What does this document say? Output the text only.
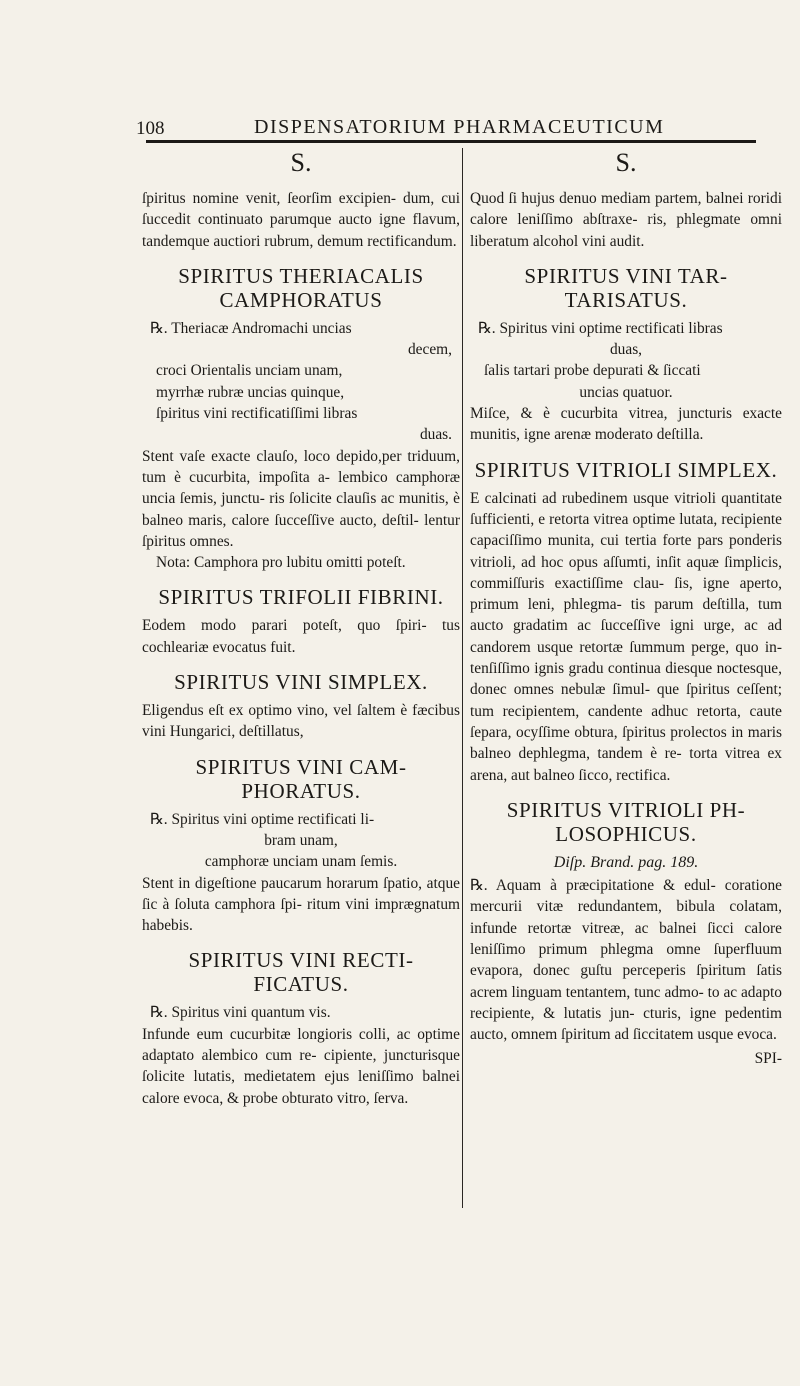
108	DISPENSATORIUM PHARMACEUTICUM
S.

ſpiritus nomine venit, ſeorſim excipien- dum, cui ſuccedit continuato parumque aucto igne flavum, tandemque auctiori rubrum, demum rectificandum.

SPIRITUS THERIACALIS CAMPHORATUS

℞. Theriacæ Andromachi uncias

decem,

croci Orientalis unciam unam,

myrrhæ rubræ uncias quinque,

ſpiritus vini rectificatiſſimi libras

duas.

Stent vaſe exacte clauſo, loco depido,per triduum, tum è cucurbita, impoſita a- lembico camphoræ uncia ſemis, junctu- ris ſolicite clauſis ac munitis, è balneo maris, calore ſucceſſive aucto, deſtil- lentur ſpiritus omnes.

Nota: Camphora pro lubitu omitti poteſt.

SPIRITUS TRIFOLII FIBRINI.

Eodem modo parari poteſt, quo ſpiri- tus cochleariæ evocatus fuit.

SPIRITUS VINI SIMPLEX.

Eligendus eſt ex optimo vino, vel ſaltem è fæcibus vini Hungarici, deſtillatus,

SPIRITUS VINI CAM- PHORATUS.

℞. Spiritus vini optime rectificati li-

bram unam,

camphoræ unciam unam ſemis.

Stent in digeſtione paucarum horarum ſpatio, atque ſic à ſoluta camphora ſpi- ritum vini imprægnatum habebis.

SPIRITUS VINI RECTI- FICATUS.

℞. Spiritus vini quantum vis.

Infunde eum cucurbitæ longioris colli, ac optime adaptato alembico cum re- cipiente, juncturisque ſolicite lutatis, medietatem ejus leniſſimo balnei calore evoca, & probe obturato vitro, ſerva.

S.

Quod ſi hujus denuo mediam partem, balnei roridi calore leniſſimo abſtraxe- ris, phlegmate omni liberatum alcohol vini audit.

SPIRITUS VINI TAR- TARISATUS.

℞. Spiritus vini optime rectificati libras

duas,

ſalis tartari probe depurati & ſiccati

uncias quatuor.

Miſce, & è cucurbita vitrea, juncturis exacte munitis, igne arenæ moderato deſtilla.

SPIRITUS VITRIOLI SIMPLEX.

E calcinati ad rubedinem usque vitrioli quantitate ſufficienti, e retorta vitrea optime lutata, recipiente capaciſſimo munita, cui tertia forte pars ponderis vitrioli, ad hoc opus aſſumti, inſit aquæ ſimplicis, commiſſuris exactiſſime clau- ſis, igne aperto, primum leni, phlegma- tis parum deſtilla, tum aucto gradatim ac ſucceſſive igni urge, ac ad candorem usque retortæ ſummum perge, quo in- tenſiſſimo ignis gradu continua diesque noctesque, donec omnes nebulæ ſimul- que ſpiritus ceſſent; tum recipientem, candente adhuc retorta, caute ſepara, ocyſſime obtura, ſpiritus prolectos in maris balneo dephlegma, tandem è re- torta vitrea ex arena, aut balneo ſicco, rectifica.

SPIRITUS VITRIOLI PH- LOSOPHICUS.

Diſp. Brand. pag. 189.

℞. Aquam à præcipitatione & edul- coratione mercurii vitæ redundantem, bibula colatam, infunde retortæ vitreæ, ac balnei ſicci calore leniſſimo primum phlegma omne ſuperfluum evapora, donec guſtu perceperis ſpiritum ſatis acrem linguam tentantem, tunc admo- to ac adapto recipiente, & lutatis jun- cturis, igne pedentim aucto, omnem ſpiritum ad ſiccitatem usque evoca.

SPI-
